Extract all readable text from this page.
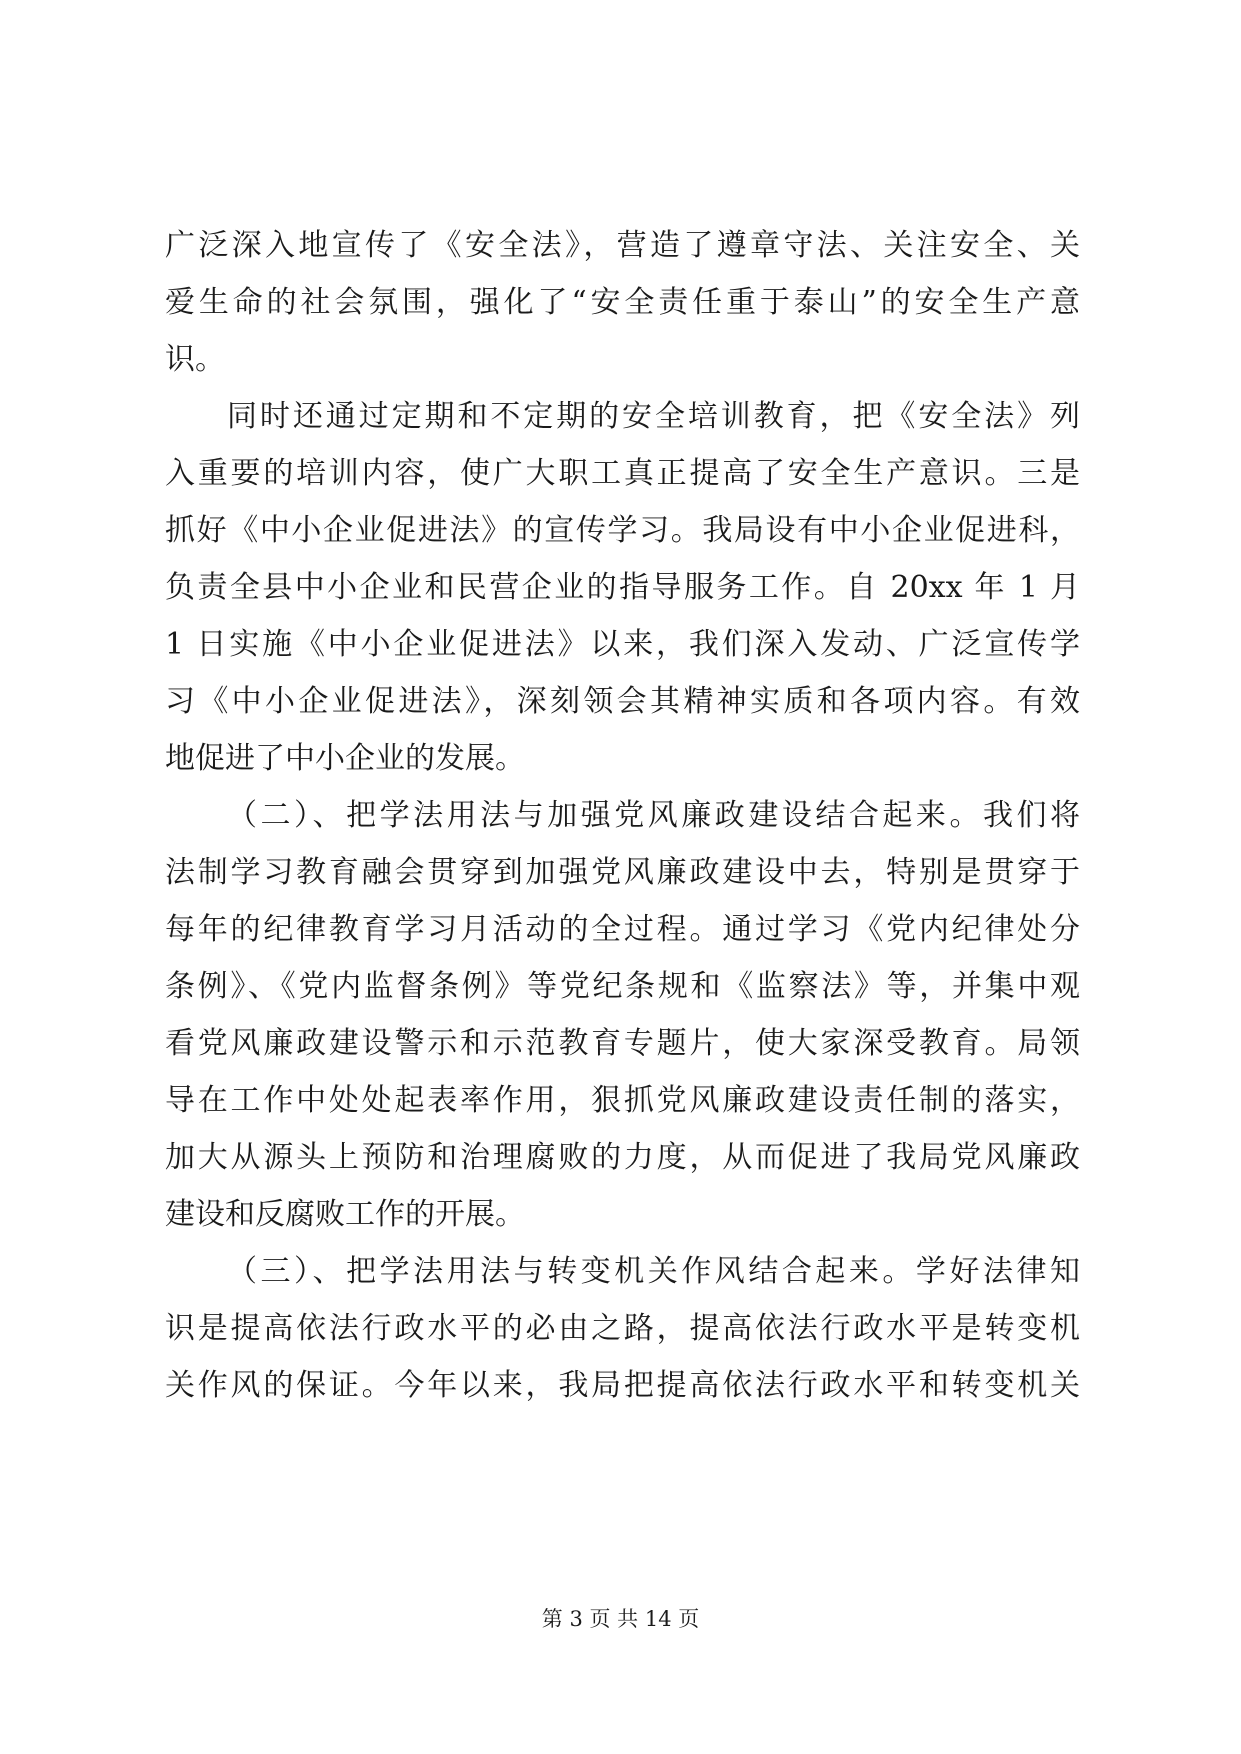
广泛深入地宣传了《安全法》，营造了遵章守法、关注安全、关
爱生命的社会氛围，强化了“安全责任重于泰山”的安全生产意
识。
同时还通过定期和不定期的安全培训教育，把《安全法》列
入重要的培训内容，使广大职工真正提高了安全生产意识。三是
抓好《中小企业促进法》的宣传学习。我局设有中小企业促进科，
负责全县中小企业和民营企业的指导服务工作。自 20xx 年 1 月
1 日实施《中小企业促进法》以来，我们深入发动、广泛宣传学
习《中小企业促进法》，深刻领会其精神实质和各项内容。有效
地促进了中小企业的发展。
（二）、把学法用法与加强党风廉政建设结合起来。我们将
法制学习教育融会贯穿到加强党风廉政建设中去，特别是贯穿于
每年的纪律教育学习月活动的全过程。通过学习《党内纪律处分
条例》、《党内监督条例》等党纪条规和《监察法》等，并集中观
看党风廉政建设警示和示范教育专题片，使大家深受教育。局领
导在工作中处处起表率作用，狠抓党风廉政建设责任制的落实，
加大从源头上预防和治理腐败的力度，从而促进了我局党风廉政
建设和反腐败工作的开展。
（三）、把学法用法与转变机关作风结合起来。学好法律知
识是提高依法行政水平的必由之路，提高依法行政水平是转变机
关作风的保证。今年以来，我局把提高依法行政水平和转变机关
第 3 页 共 14 页
